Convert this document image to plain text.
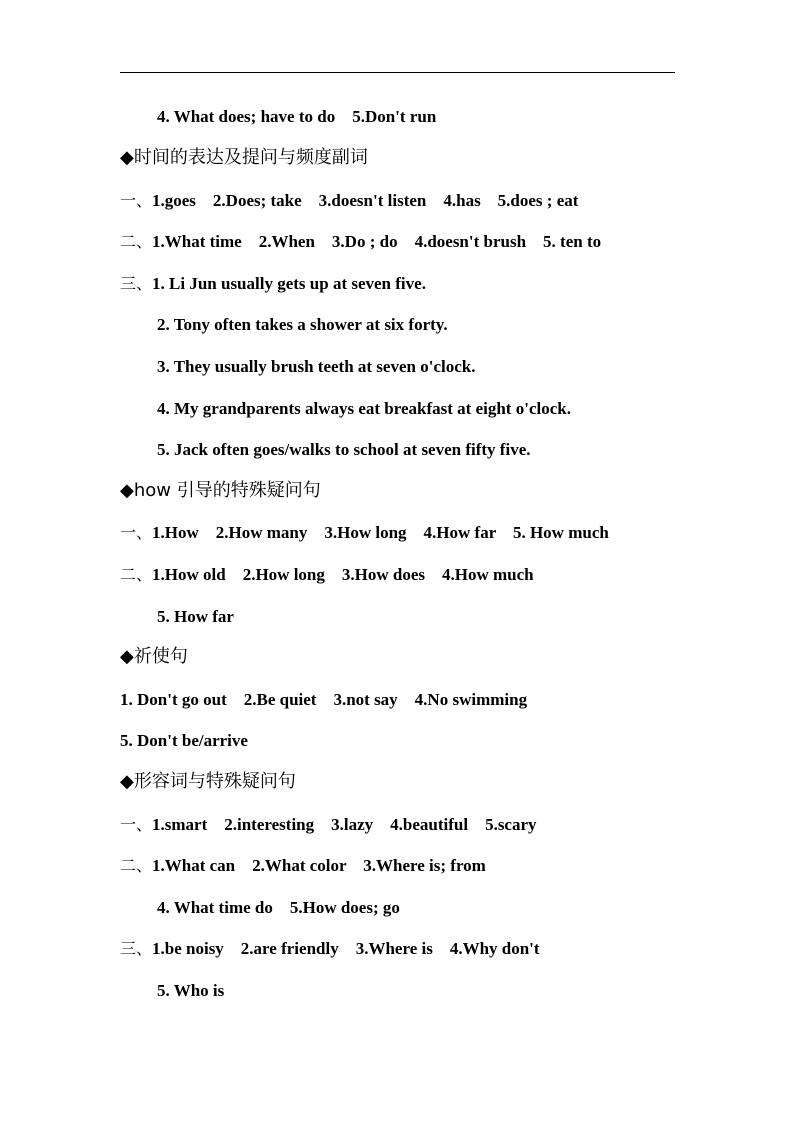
4. What does; have to do    5.Don't run
◆时间的表达及提问与频度副词
一、1.goes    2.Does; take    3.doesn't listen    4.has    5.does ; eat
二、1.What time    2.When    3.Do ; do    4.doesn't brush    5. ten to
三、1. Li Jun usually gets up at seven five.
2. Tony often takes a shower at six forty.
3. They usually brush teeth at seven o'clock.
4. My grandparents always eat breakfast at eight o'clock.
5. Jack often goes/walks to school at seven fifty five.
◆how 引导的特殊疑问句
一、1.How    2.How many    3.How long    4.How far    5. How much
二、1.How old    2.How long    3.How does    4.How much
5. How far
◆祈使句
1. Don't go out    2.Be quiet    3.not say    4.No swimming
5. Don't be/arrive
◆形容词与特殊疑问句
一、1.smart    2.interesting    3.lazy    4.beautiful    5.scary
二、1.What can    2.What color    3.Where is; from
4. What time do    5.How does; go
三、1.be noisy    2.are friendly    3.Where is    4.Why don't
5. Who is
